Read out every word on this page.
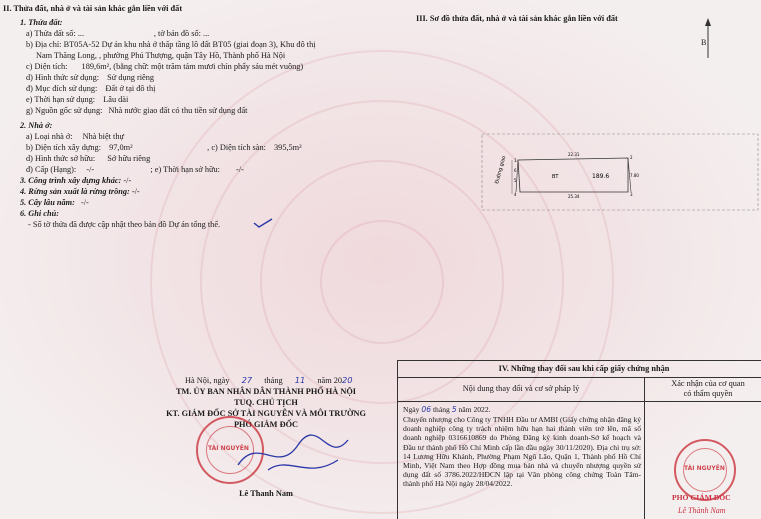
II. Thửa đất, nhà ở và tài sản khác gắn liền với đất
1. Thửa đất:
a) Thửa đất số: ...	, tờ bản đồ số: ...
b) Địa chỉ: BT05A-52 Dự án khu nhà ở thấp tầng lô đất BT05 (giai đoạn 3), Khu đô thị
Nam Thăng Long, , phường Phú Thượng, quận Tây Hồ, Thành phố Hà Nội
c) Diện tích: 189,6m², (bằng chữ: một trăm tám mươi chín phẩy sáu mét vuông)
d) Hình thức sử dụng: Sử dụng riêng
đ) Mục đích sử dụng: Đất ở tại đô thị
e) Thời hạn sử dụng: Lâu dài
g) Nguồn gốc sử dụng: Nhà nước giao đất có thu tiền sử dụng đất
2. Nhà ở:
a) Loại nhà ở: Nhà biệt thự
b) Diện tích xây dựng: 97,0m²	, c) Diện tích sàn: 395,5m²
d) Hình thức sở hữu: Sở hữu riêng
đ) Cấp (Hạng): -/-	; e) Thời hạn sở hữu: -/-
3. Công trình xây dựng khác: -/-
4. Rừng sản xuất là rừng trồng: -/-
5. Cây lâu năm: -/-
6. Ghi chú:
- Số tờ thửa đã được cập nhật theo bản đồ Dự án tổng thể.
Hà Nội, ngày 27 tháng 11 năm 2020
TM. ỦY BAN NHÂN DÂN THÀNH PHỐ HÀ NỘI
TUQ. CHỦ TỊCH
KT. GIÁM ĐỐC SỞ TÀI NGUYÊN VÀ MÔI TRƯỜNG
PHÓ GIÁM ĐỐC
TÀI NGUYÊN
Lê Thanh Nam
III. Sơ đồ thửa đất, nhà ở và tài sản khác gắn liền với đất
B
Đường giao
22.31
25.34
7.80
BT	189.6
1
2
3
4
5
6
IV. Những thay đổi sau khi cấp giấy chứng nhận
Nội dung thay đổi và cơ sở pháp lý
Ngày 06 tháng 5 năm 2022.
Chuyển nhượng cho Công ty TNHH Đầu tư AMBI (Giấy chứng nhận đăng ký doanh nghiệp công ty trách nhiệm hữu hạn hai thành viên trở lên, mã số doanh nghiệp 0316610869 do Phòng Đăng ký kinh doanh-Sở kế hoạch và Đầu tư thành phố Hồ Chí Minh cấp lần đầu ngày 30/11/2020). Địa chỉ trụ sở: 14 Lương Hữu Khánh, Phường Phạm Ngũ Lão, Quận 1, Thành phố Hồ Chí Minh, Việt Nam theo Hợp đồng mua bán nhà và chuyển nhượng quyền sử dụng đất số 3786.2022/HĐCN lập tại Văn phòng công chứng Toàn Tâm-thành phố Hà Nội ngày 28/04/2022.
Xác nhận của cơ quan
có thẩm quyền
TÀI NGUYÊN
PHÓ GIÁM ĐỐC
Lê Thành Nam
